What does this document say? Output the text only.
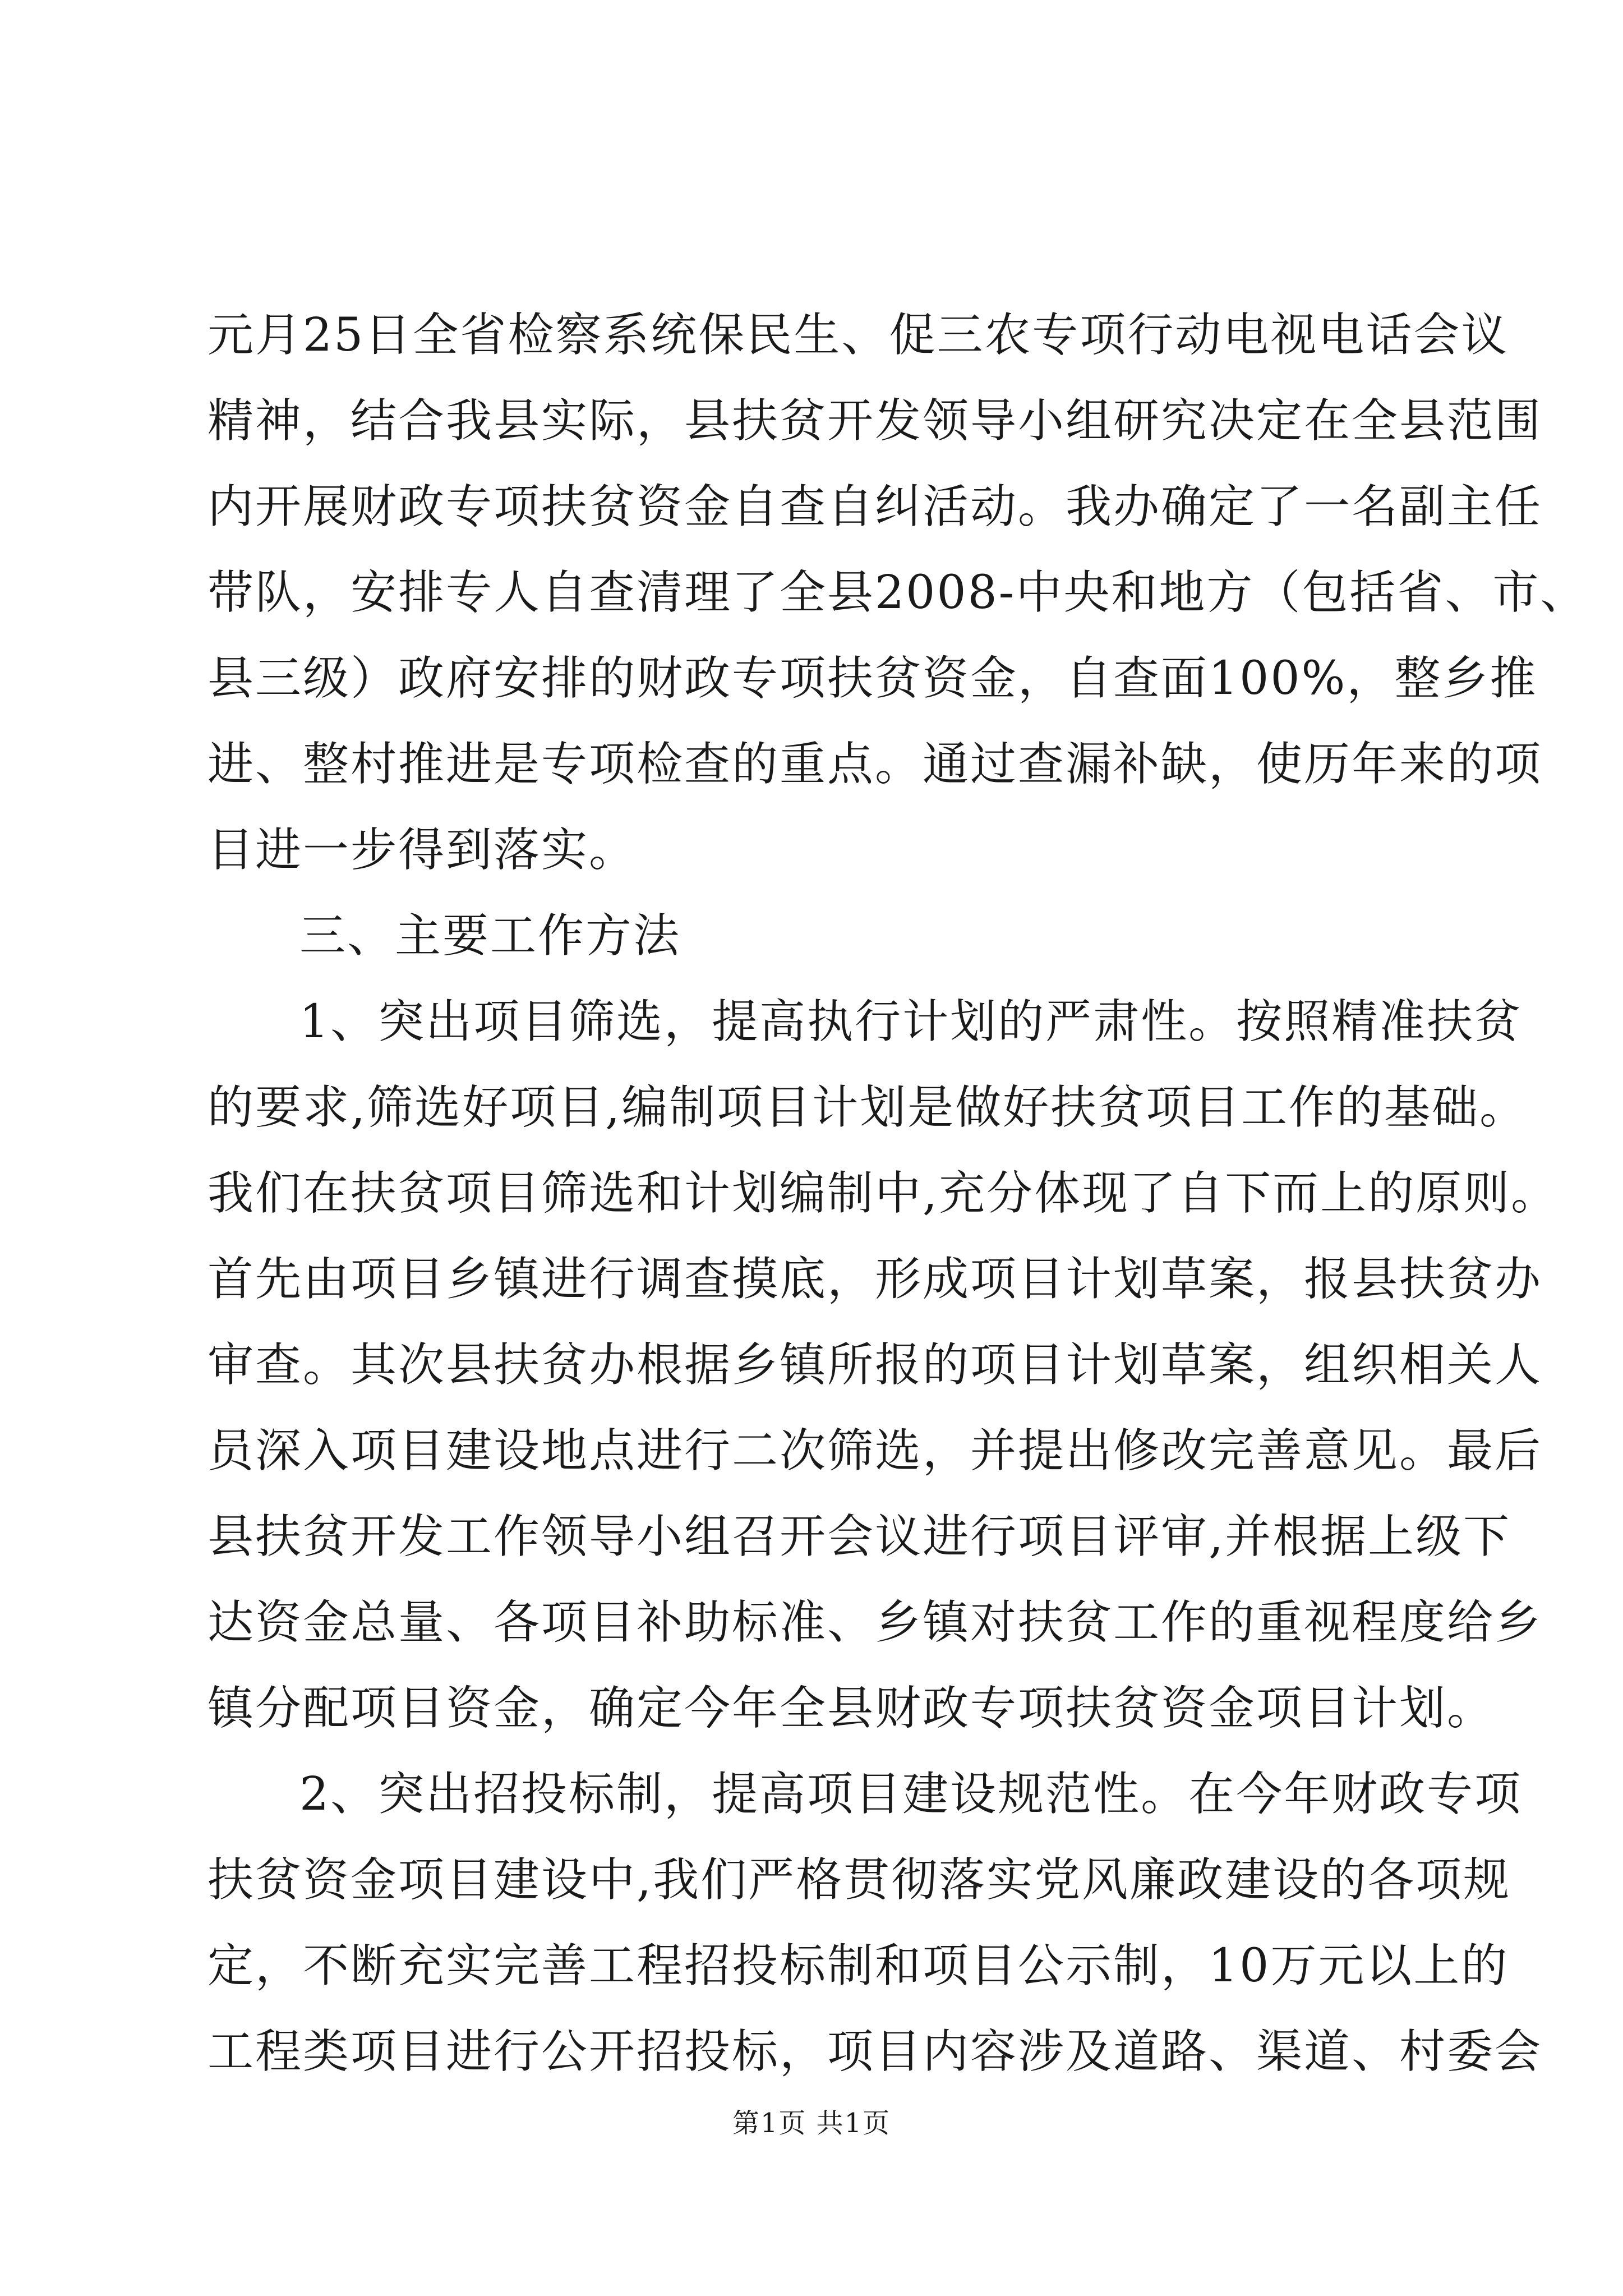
元月25日全省检察系统保民生、促三农专项行动电视电话会议
精神，结合我县实际，县扶贫开发领导小组研究决定在全县范围
内开展财政专项扶贫资金自查自纠活动。我办确定了一名副主任
带队，安排专人自查清理了全县2008-中央和地方（包括省、市、
县三级）政府安排的财政专项扶贫资金，自查面100%，整乡推
进、整村推进是专项检查的重点。通过查漏补缺，使历年来的项
目进一步得到落实。
三、主要工作方法
1、突出项目筛选，提高执行计划的严肃性。按照精准扶贫
的要求,筛选好项目,编制项目计划是做好扶贫项目工作的基础。
我们在扶贫项目筛选和计划编制中,充分体现了自下而上的原则。
首先由项目乡镇进行调查摸底，形成项目计划草案，报县扶贫办
审查。其次县扶贫办根据乡镇所报的项目计划草案，组织相关人
员深入项目建设地点进行二次筛选，并提出修改完善意见。最后
县扶贫开发工作领导小组召开会议进行项目评审,并根据上级下
达资金总量、各项目补助标准、乡镇对扶贫工作的重视程度给乡
镇分配项目资金，确定今年全县财政专项扶贫资金项目计划。
2、突出招投标制，提高项目建设规范性。在今年财政专项
扶贫资金项目建设中,我们严格贯彻落实党风廉政建设的各项规
定，不断充实完善工程招投标制和项目公示制，10万元以上的
工程类项目进行公开招投标，项目内容涉及道路、渠道、村委会
第1页 共1页
